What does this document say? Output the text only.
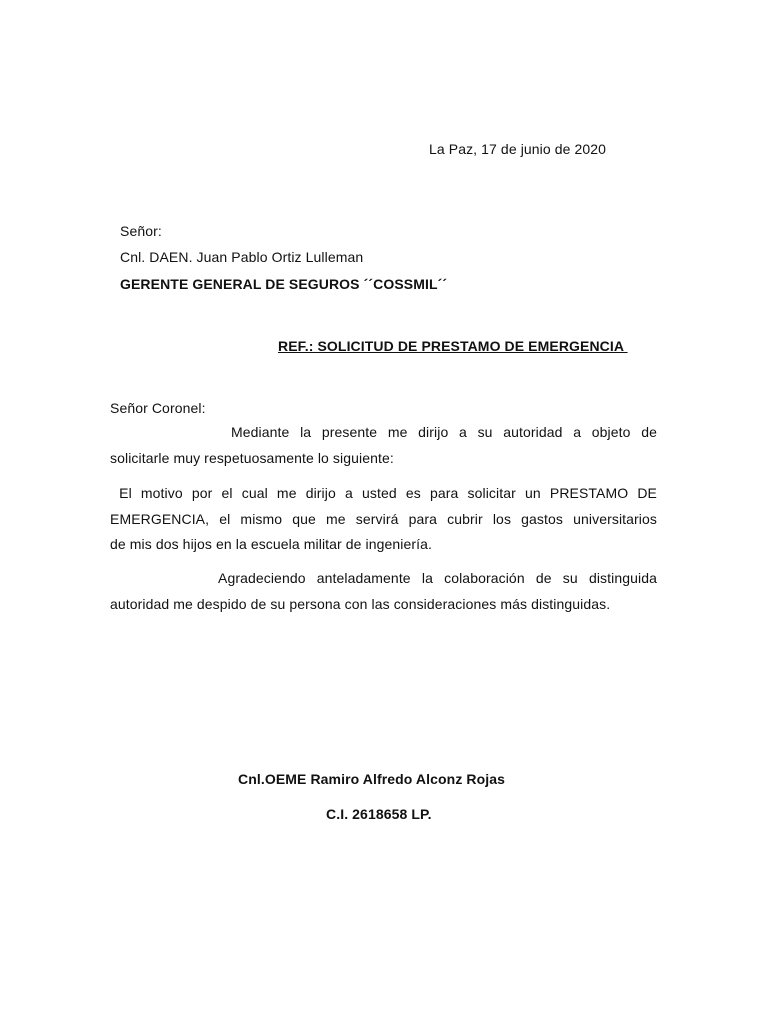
La Paz, 17 de junio de 2020
Señor:
Cnl. DAEN. Juan Pablo Ortiz Lulleman
GERENTE GENERAL DE SEGUROS ´´COSSMIL´´
REF.: SOLICITUD DE PRESTAMO DE EMERGENCIA
Señor Coronel:
Mediante la presente me dirijo a su autoridad a objeto de
solicitarle muy respetuosamente lo siguiente:
El motivo por el cual me dirijo a usted es para solicitar un PRESTAMO DE
EMERGENCIA, el mismo que me servirá para cubrir los gastos universitarios
de mis dos hijos en la escuela militar de ingeniería.
Agradeciendo anteladamente la colaboración de su distinguida
autoridad me despido de su persona con las consideraciones más distinguidas.
Cnl.OEME Ramiro Alfredo Alconz Rojas
C.I. 2618658 LP.
